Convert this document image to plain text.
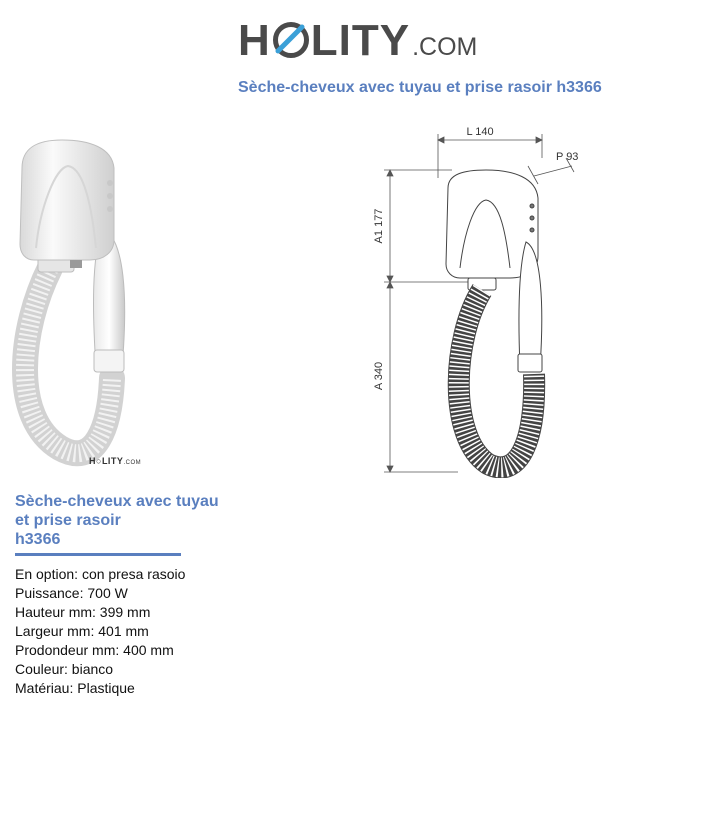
H LITY .COM
Sèche-cheveux avec tuyau et prise rasoir h3366
H○LITY.COM
L 140
P 93
A1 177
A 340
Sèche-cheveux avec tuyau
et prise rasoir
h3366
En option: con presa rasoio
Puissance: 700 W
Hauteur mm: 399 mm
Largeur mm: 401 mm
Prodondeur mm: 400 mm
Couleur: bianco
Matériau: Plastique
